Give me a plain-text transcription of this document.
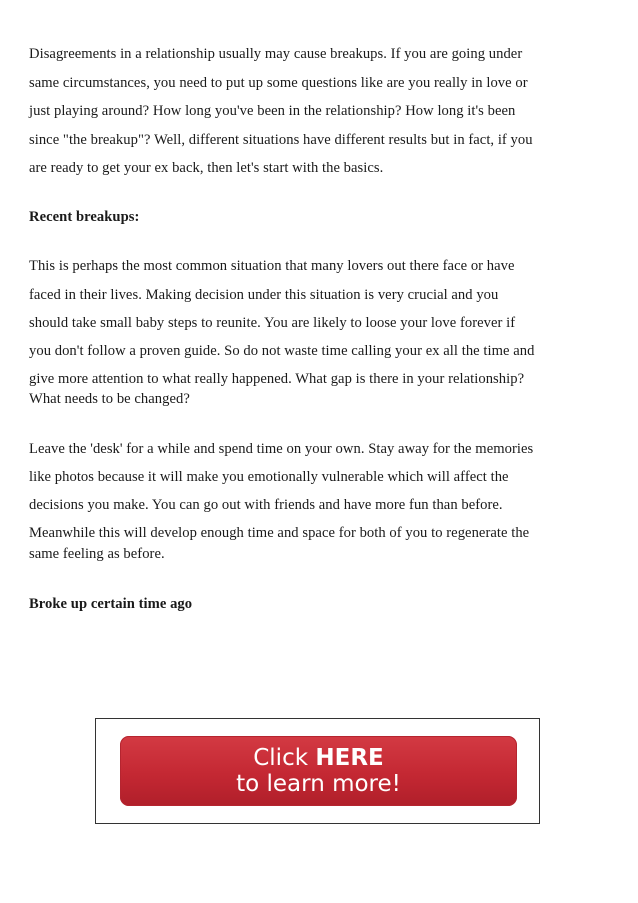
Disagreements in a relationship usually may cause breakups. If you are going under
same circumstances, you need to put up some questions like are you really in love or
just playing around? How long you've been in the relationship? How long it's been
since "the breakup"? Well, different situations have different results but in fact, if you
are ready to get your ex back, then let's start with the basics.
Recent breakups:
This is perhaps the most common situation that many lovers out there face or have
faced in their lives. Making decision under this situation is very crucial and you
should take small baby steps to reunite. You are likely to loose your love forever if
you don't follow a proven guide. So do not waste time calling your ex all the time and
give more attention to what really happened. What gap is there in your relationship?
What needs to be changed?
Leave the 'desk' for a while and spend time on your own. Stay away for the memories
like photos because it will make you emotionally vulnerable which will affect the
decisions you make. You can go out with friends and have more fun than before.
Meanwhile this will develop enough time and space for both of you to regenerate the
same feeling as before.
Broke up certain time ago
Click HERE
to learn more!
